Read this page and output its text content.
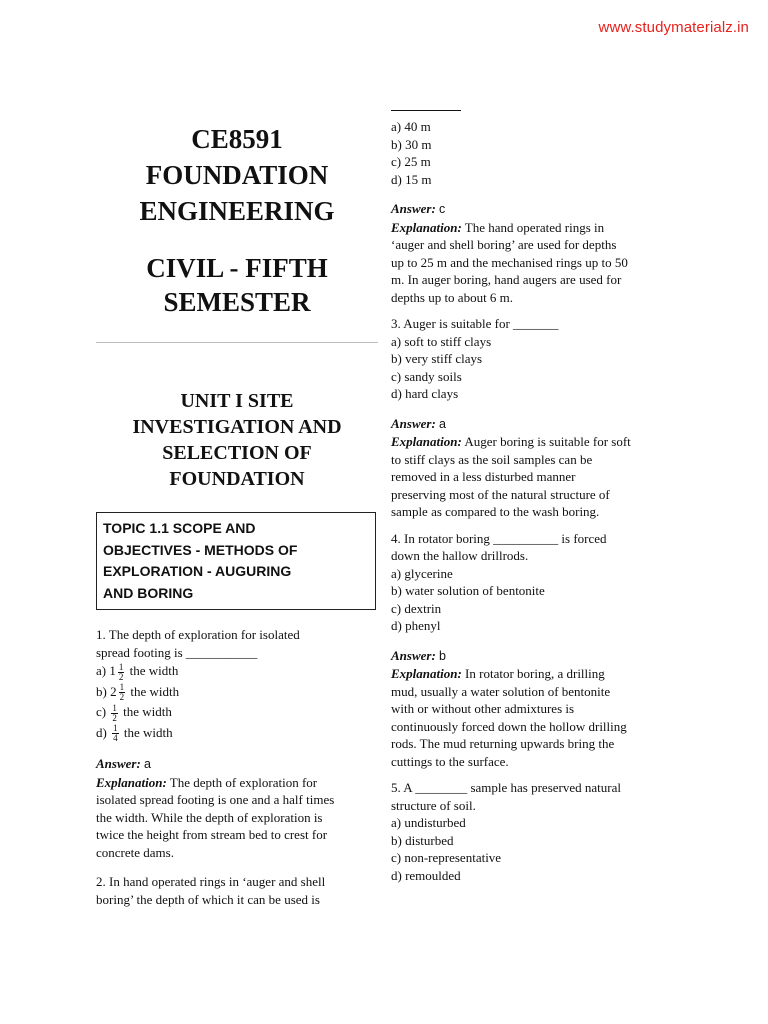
www.studymaterialz.in
CE8591
FOUNDATION
ENGINEERING
CIVIL - FIFTH
SEMESTER
UNIT I SITE
INVESTIGATION AND
SELECTION OF
FOUNDATION
TOPIC 1.1 SCOPE AND
OBJECTIVES - METHODS OF
EXPLORATION - AUGURING
AND BORING

1. The depth of exploration for isolated

spread footing is ___________

a) $1 \frac{1}{2}$ the width

b) $2 \frac{1}{2}$ the width

$c) \frac{1}{2}$ the width

$d) \frac{1}{4}$ the width

Answer: a

Explanation: The depth of exploration for

isolated spread footing is one and a half times

the width. While the depth of exploration is

twice the height from stream bed to crest for

concrete dams.

2. In hand operated rings in ‘auger and shell

boring’ the depth of which it can be used is

a) 40 m

b) 30 m

c) 25 m

d) 15 m

Answer: c

Explanation: The hand operated rings in

‘auger and shell boring’ are used for depths

up to 25 m and the mechanised rings up to 50

m. In auger boring, hand augers are used for

depths up to about 6 m.

3. Auger is suitable for _______

a) soft to stiff clays

b) very stiff clays

c) sandy soils

d) hard clays

Answer: a

Explanation: Auger boring is suitable for soft

to stiff clays as the soil samples can be

removed in a less disturbed manner

preserving most of the natural structure of

sample as compared to the wash boring.

4. In rotator boring __________ is forced

down the hallow drillrods.

a) glycerine

b) water solution of bentonite

c) dextrin

d) phenyl

Answer: b

Explanation: In rotator boring, a drilling

mud, usually a water solution of bentonite

with or without other admixtures is

continuously forced down the hollow drilling

rods. The mud returning upwards bring the

cuttings to the surface.

5. A ________ sample has preserved natural

structure of soil.

a) undisturbed

b) disturbed

c) non-representative

d) remoulded
